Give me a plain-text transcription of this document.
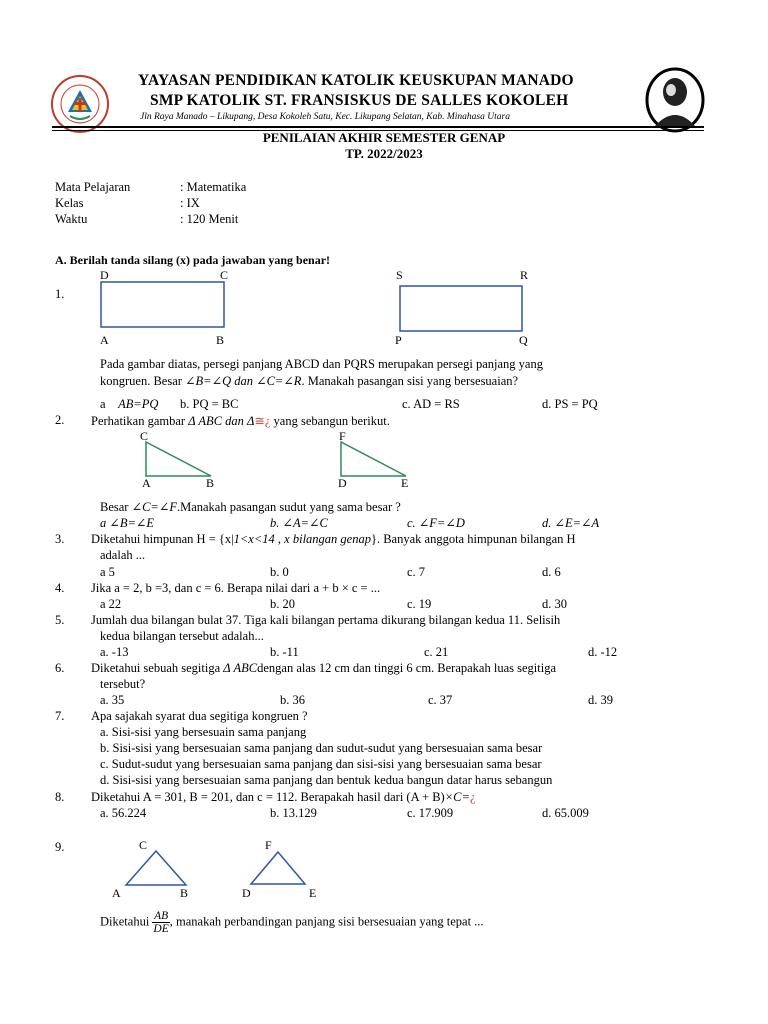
YAYASAN PENDIDIKAN KATOLIK KEUSKUPAN MANADO
SMP KATOLIK ST. FRANSISKUS DE SALLES KOKOLEH
Jln Raya Manado – Likupang, Desa Kokoleh Satu, Kec. Likupang Selatan, Kab. Minahasa Utara
PENILAIAN AKHIR SEMESTER GENAP
TP. 2022/2023
Mata Pelajaran	: Matematika
Kelas	: IX
Waktu	: 120 Menit
A. Berilah tanda silang (x) pada jawaban yang benar!
1.
D	C
A	B
S	R
P	Q
Pada gambar diatas, persegi panjang ABCD dan PQRS merupakan persegi panjang yang
kongruen. Besar ∠B=∠Q dan ∠C=∠R. Manakah pasangan sisi yang bersesuaian?
a AB=PQ b. PQ = BC	c. AD = RS	d. PS = PQ
2. Perhatikan gambar Δ ABC dan Δ≅¿ yang sebangun berikut.
C
A	B
F
D	E
Besar ∠C=∠F.Manakah pasangan sudut yang sama besar ?
a ∠B=∠E	b. ∠A=∠C	c. ∠F=∠D	d. ∠E=∠A
3. Diketahui himpunan H = {x|1<x<14 , x bilangan genap}. Banyak anggota himpunan bilangan H
adalah ...
a 5	b. 0	c. 7	d. 6
4. Jika a = 2, b =3, dan c = 6. Berapa nilai dari a + b × c = ...
a 22	b. 20	c. 19	d. 30
5. Jumlah dua bilangan bulat 37. Tiga kali bilangan pertama dikurang bilangan kedua 11. Selisih
kedua bilangan tersebut adalah...
a. -13	b. -11	c. 21	d. -12
6. Diketahui sebuah segitiga Δ ABCdengan alas 12 cm dan tinggi 6 cm. Berapakah luas segitiga
tersebut?
a. 35	b. 36	c. 37	d. 39
7. Apa sajakah syarat dua segitiga kongruen ?
a. Sisi-sisi yang bersesuain sama panjang
b. Sisi-sisi yang bersesuaian sama panjang dan sudut-sudut yang bersesuaian sama besar
c. Sudut-sudut yang bersesuaian sama panjang dan sisi-sisi yang bersesuaian sama besar
d. Sisi-sisi yang bersesuaian sama panjang dan bentuk kedua bangun datar harus sebangun
8. Diketahui A = 301, B = 201, dan c = 112. Berapakah hasil dari (A + B)×C=¿
a. 56.224	b. 13.129	c. 17.909	d. 65.009
9.	C
A	B
F
D	E
Diketahui $\frac{AB}{DE}$ , manakah perbandingan panjang sisi bersesuaian yang tepat ...
